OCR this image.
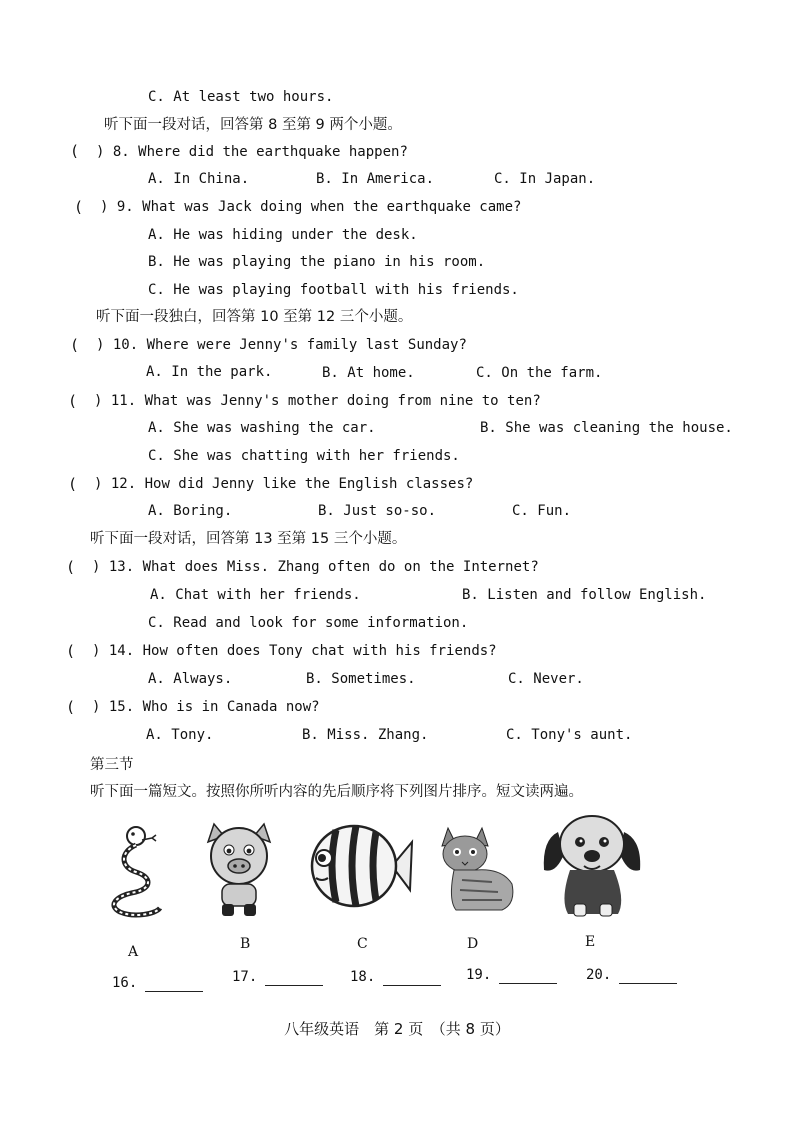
C. At least two hours.
听下面一段对话，回答第 8 至第 9 两个小题。
( ) 8. Where did the earthquake happen?
A. In China.	B. In America.	C. In Japan.
( ) 9. What was Jack doing when the earthquake came?
A. He was hiding under the desk.
B. He was playing the piano in his room.
C. He was playing football with his friends.
听下面一段独白，回答第 10 至第 12 三个小题。
( ) 10. Where were Jenny's family last Sunday?
A. In the park.	B. At home.	C. On the farm.
( ) 11. What was Jenny's mother doing from nine to ten?
A. She was washing the car.	B. She was cleaning the house.
C. She was chatting with her friends.
( ) 12. How did Jenny like the English classes?
A. Boring.	B. Just so-so.	C. Fun.
听下面一段对话，回答第 13 至第 15 三个小题。
( ) 13. What does Miss. Zhang often do on the Internet?
A. Chat with her friends.	B. Listen and follow English.
C. Read and look for some information.
( ) 14. How often does Tony chat with his friends?
A. Always.	B. Sometimes.	C. Never.
( ) 15. Who is in Canada now?
A. Tony.	B. Miss. Zhang.	C. Tony's aunt.
第三节
听下面一篇短文。按照你所听内容的先后顺序将下列图片排序。短文读两遍。
A	B	C	D	E
16.	17.	18.	19.	20.
八年级英语　第 2 页　（共 8 页）
